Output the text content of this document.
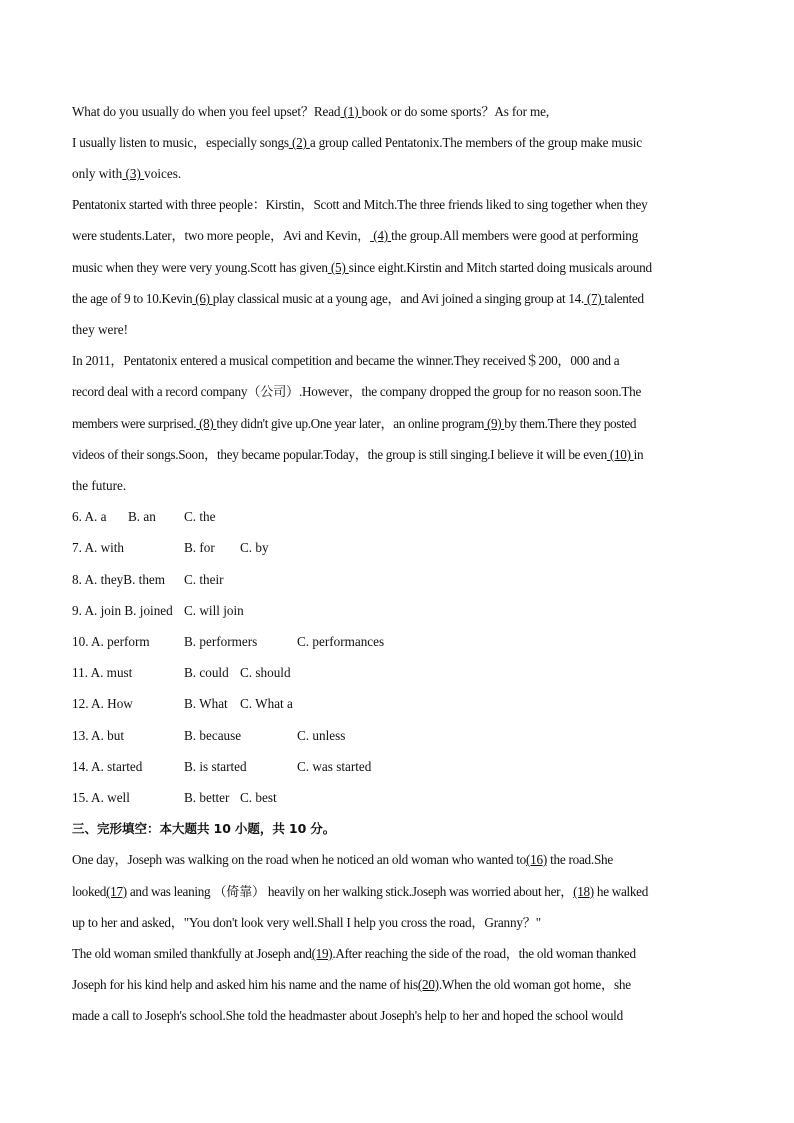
What do you usually do when you feel upset？Read (1) book or do some sports？As for me,
I usually listen to music，especially songs (2) a group called Pentatonix.The members of the group make music
only with (3) voices.
Pentatonix started with three people：Kirstin，Scott and Mitch.The three friends liked to sing together when they
were students.Later，two more people，Avi and Kevin， (4) the group.All members were good at performing
music when they were very young.Scott has given (5) since eight.Kirstin and Mitch started doing musicals around
the age of 9 to 10.Kevin (6) play classical music at a young age，and Avi joined a singing group at 14. (7) talented
they were!
In 2011，Pentatonix entered a musical competition and became the winner.They received＄200，000 and a
record deal with a record company（公司）.However，the company dropped the group for no reason soon.The
members were surprised. (8) they didn't give up.One year later，an online program (9) by them.There they posted
videos of their songs.Soon，they became popular.Today，the group is still singing.I believe it will be even (10) in
the future.
6. A. a B. an C. the
7. A. with	B. for C. by
8. A. theyB. them C. their
9. A. join B. joined C. will join
10. A. perform	B. performers	C. performances
11. A. must	B. could C. should
12. A. How	B. What C. What a
13. A. but	B. because	C. unless
14. A. started	B. is started	C. was started
15. A. well	B. better C. best
三、完形填空：本大题共 10 小题，共 10 分。
One day，Joseph was walking on the road when he noticed an old woman who wanted to(16) the road.She
looked(17) and was leaning （倚靠） heavily on her walking stick.Joseph was worried about her，(18) he walked
up to her and asked，"You don't look very well.Shall I help you cross the road，Granny？"
The old woman smiled thankfully at Joseph and(19).After reaching the side of the road，the old woman thanked
Joseph for his kind help and asked him his name and the name of his(20).When the old woman got home，she
made a call to Joseph's school.She told the headmaster about Joseph's help to her and hoped the school would
